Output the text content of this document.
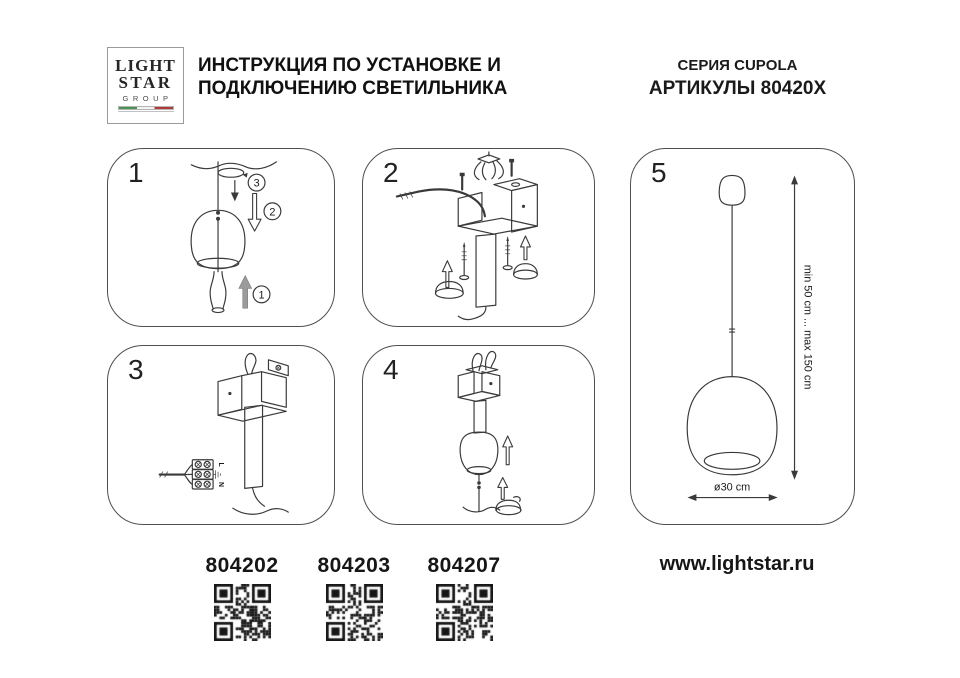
LIGHT
STAR
GROUP
ИНСТРУКЦИЯ ПО УСТАНОВКЕ И
ПОДКЛЮЧЕНИЮ СВЕТИЛЬНИКА
СЕРИЯ CUPOLA
АРТИКУЛЫ 80420X
1	3
2
1
2
3
L
N
4
5
min 50 cm ... max 150 cm
ø30 cm
804202	804203	804207	www.lightstar.ru
